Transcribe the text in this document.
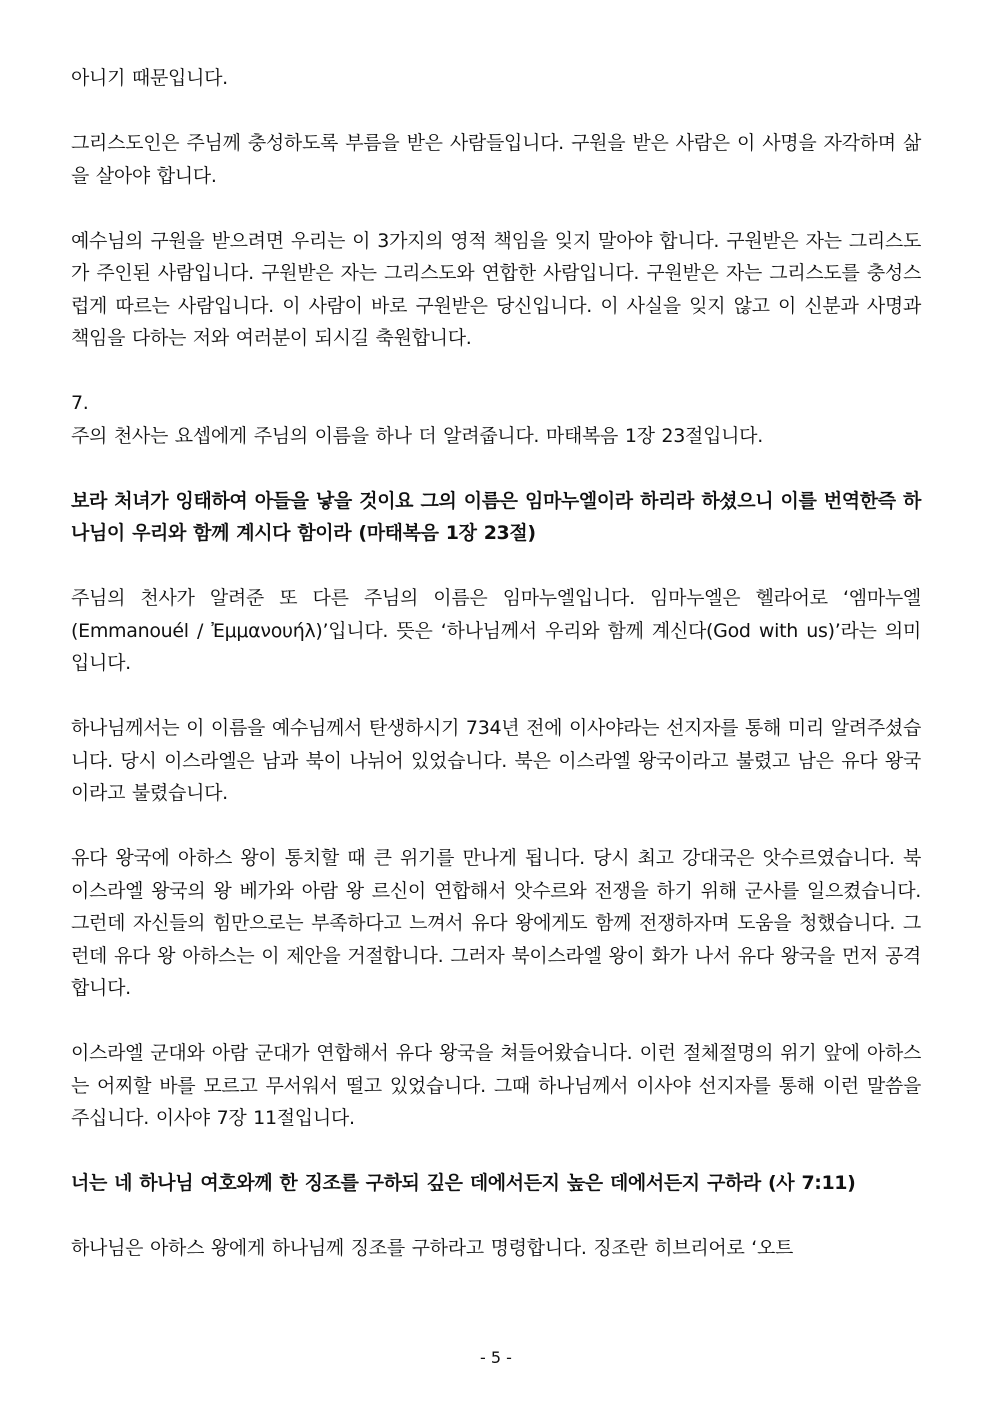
아니기 때문입니다.

그리스도인은 주님께 충성하도록 부름을 받은 사람들입니다. 구원을 받은 사람은 이 사명을 자각하며 삶을 살아야 합니다.

예수님의 구원을 받으려면 우리는 이 3가지의 영적 책임을 잊지 말아야 합니다. 구원받은 자는 그리스도가 주인된 사람입니다. 구원받은 자는 그리스도와 연합한 사람입니다. 구원받은 자는 그리스도를 충성스럽게 따르는 사람입니다. 이 사람이 바로 구원받은 당신입니다. 이 사실을 잊지 않고 이 신분과 사명과 책임을 다하는 저와 여러분이 되시길 축원합니다.

7.

주의 천사는 요셉에게 주님의 이름을 하나 더 알려줍니다. 마태복음 1장 23절입니다.

보라 처녀가 잉태하여 아들을 낳을 것이요 그의 이름은 임마누엘이라 하리라 하셨으니 이를 번역한즉 하나님이 우리와 함께 계시다 함이라 (마태복음 1장 23절)

주님의 천사가 알려준 또 다른 주님의 이름은 임마누엘입니다. 임마누엘은 헬라어로 ‘엠마누엘(Emmanouél / Ἐμμανουήλ)’입니다. 뜻은 ‘하나님께서 우리와 함께 계신다(God with us)’라는 의미입니다.

하나님께서는 이 이름을 예수님께서 탄생하시기 734년 전에 이사야라는 선지자를 통해 미리 알려주셨습니다. 당시 이스라엘은 남과 북이 나뉘어 있었습니다. 북은 이스라엘 왕국이라고 불렸고 남은 유다 왕국이라고 불렸습니다.

유다 왕국에 아하스 왕이 통치할 때 큰 위기를 만나게 됩니다. 당시 최고 강대국은 앗수르였습니다. 북 이스라엘 왕국의 왕 베가와 아람 왕 르신이 연합해서 앗수르와 전쟁을 하기 위해 군사를 일으켰습니다. 그런데 자신들의 힘만으로는 부족하다고 느껴서 유다 왕에게도 함께 전쟁하자며 도움을 청했습니다. 그런데 유다 왕 아하스는 이 제안을 거절합니다. 그러자 북이스라엘 왕이 화가 나서 유다 왕국을 먼저 공격합니다.

이스라엘 군대와 아람 군대가 연합해서 유다 왕국을 쳐들어왔습니다. 이런 절체절명의 위기 앞에 아하스는 어찌할 바를 모르고 무서워서 떨고 있었습니다. 그때 하나님께서 이사야 선지자를 통해 이런 말씀을 주십니다. 이사야 7장 11절입니다.

너는 네 하나님 여호와께 한 징조를 구하되 깊은 데에서든지 높은 데에서든지 구하라 (사 7:11)

하나님은 아하스 왕에게 하나님께 징조를 구하라고 명령합니다. 징조란 히브리어로 ‘오트

- 5 -
